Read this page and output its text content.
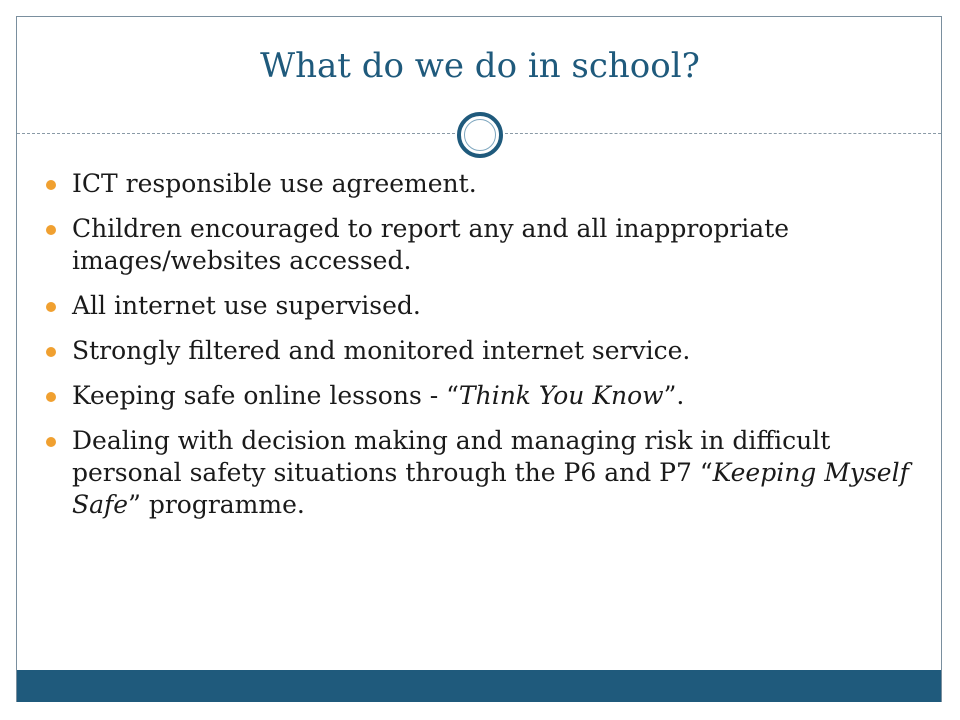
What do we do in school?
ICT responsible use agreement.
Children encouraged to report any and all inappropriate images/websites accessed.
All internet use supervised.
Strongly filtered and monitored internet service.
Keeping safe online lessons - “Think You Know”.
Dealing with decision making and managing risk in difficult personal safety situations through the P6 and P7 “Keeping Myself Safe” programme.
